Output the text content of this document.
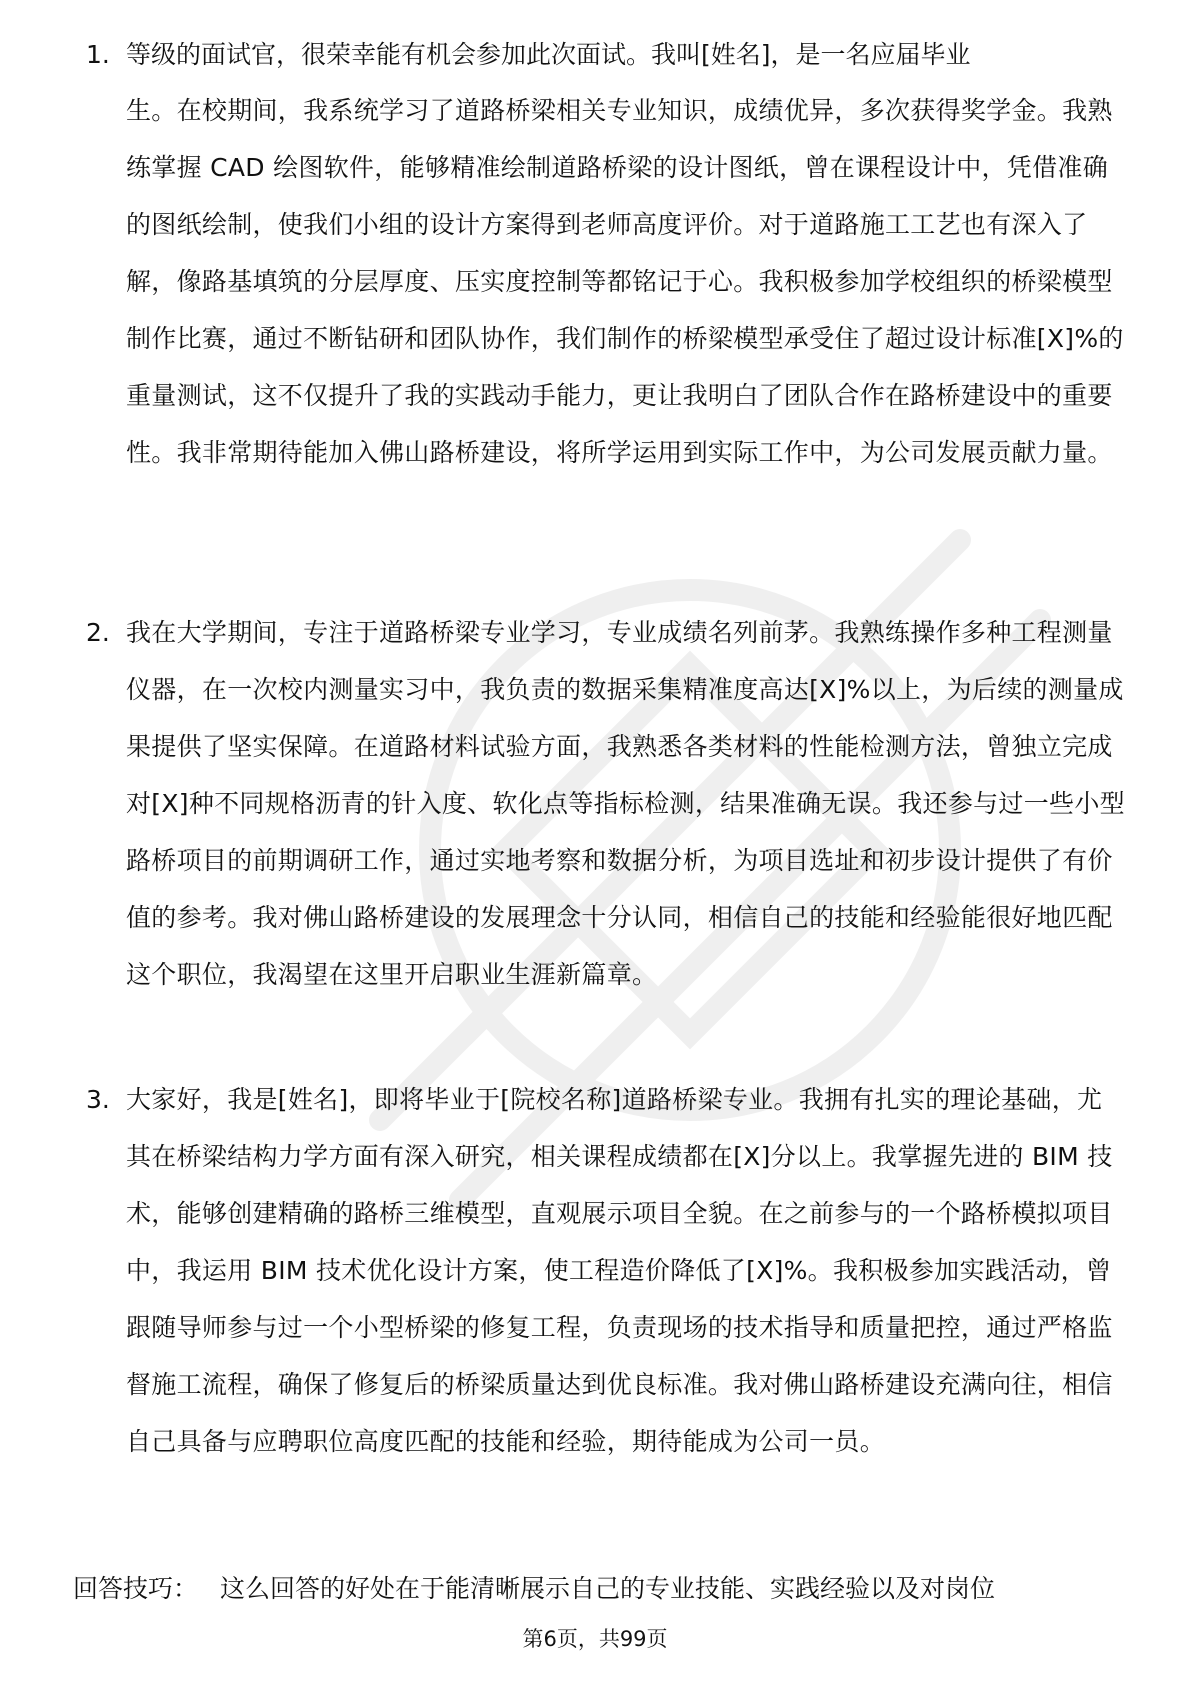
1. 等级的面试官，很荣幸能有机会参加此次面试。我叫[姓名]，是一名应届毕业
生。在校期间，我系统学习了道路桥梁相关专业知识，成绩优异，多次获得奖学金。我熟练掌握 CAD 绘图软件，能够精准绘制道路桥梁的设计图纸，曾在课程设计中，凭借准确的图纸绘制，使我们小组的设计方案得到老师高度评价。对于道路施工工艺也有深入了解，像路基填筑的分层厚度、压实度控制等都铭记于心。我积极参加学校组织的桥梁模型制作比赛，通过不断钻研和团队协作，我们制作的桥梁模型承受住了超过设计标准[X]%的重量测试，这不仅提升了我的实践动手能力，更让我明白了团队合作在路桥建设中的重要性。我非常期待能加入佛山路桥建设，将所学运用到实际工作中，为公司发展贡献力量。
2. 我在大学期间，专注于道路桥梁专业学习，专业成绩名列前茅。我熟练操作多种工程测量仪器，在一次校内测量实习中，我负责的数据采集精准度高达[X]%以上，为后续的测量成果提供了坚实保障。在道路材料试验方面，我熟悉各类材料的性能检测方法，曾独立完成对[X]种不同规格沥青的针入度、软化点等指标检测，结果准确无误。我还参与过一些小型路桥项目的前期调研工作，通过实地考察和数据分析，为项目选址和初步设计提供了有价值的参考。我对佛山路桥建设的发展理念十分认同，相信自己的技能和经验能很好地匹配这个职位，我渴望在这里开启职业生涯新篇章。
3. 大家好，我是[姓名]，即将毕业于[院校名称]道路桥梁专业。我拥有扎实的理论基础，尤其在桥梁结构力学方面有深入研究，相关课程成绩都在[X]分以上。我掌握先进的 BIM 技术，能够创建精确的路桥三维模型，直观展示项目全貌。在之前参与的一个路桥模拟项目中，我运用 BIM 技术优化设计方案，使工程造价降低了[X]%。我积极参加实践活动，曾跟随导师参与过一个小型桥梁的修复工程，负责现场的技术指导和质量把控，通过严格监督施工流程，确保了修复后的桥梁质量达到优良标准。我对佛山路桥建设充满向往，相信自己具备与应聘职位高度匹配的技能和经验，期待能成为公司一员。
回答技巧： 这么回答的好处在于能清晰展示自己的专业技能、实践经验以及对岗位
第6页，共99页
